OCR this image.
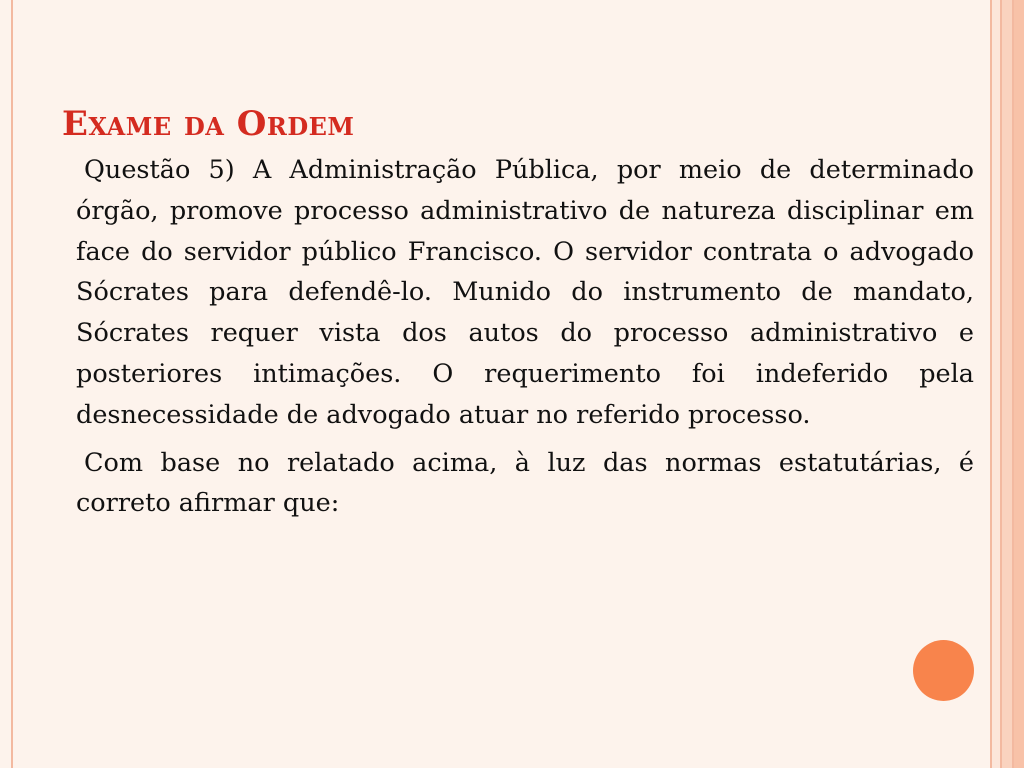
Exame da Ordem

Questão 5) A Administração Pública, por meio de determinado órgão, promove processo administrativo de natureza disciplinar em face do servidor público Francisco. O servidor contrata o advogado Sócrates para defendê-lo. Munido do instrumento de mandato, Sócrates requer vista dos autos do processo administrativo e posteriores intimações. O requerimento foi indeferido pela desnecessidade de advogado atuar no referido processo.

Com base no relatado acima, à luz das normas estatutárias, é correto afirmar que:
